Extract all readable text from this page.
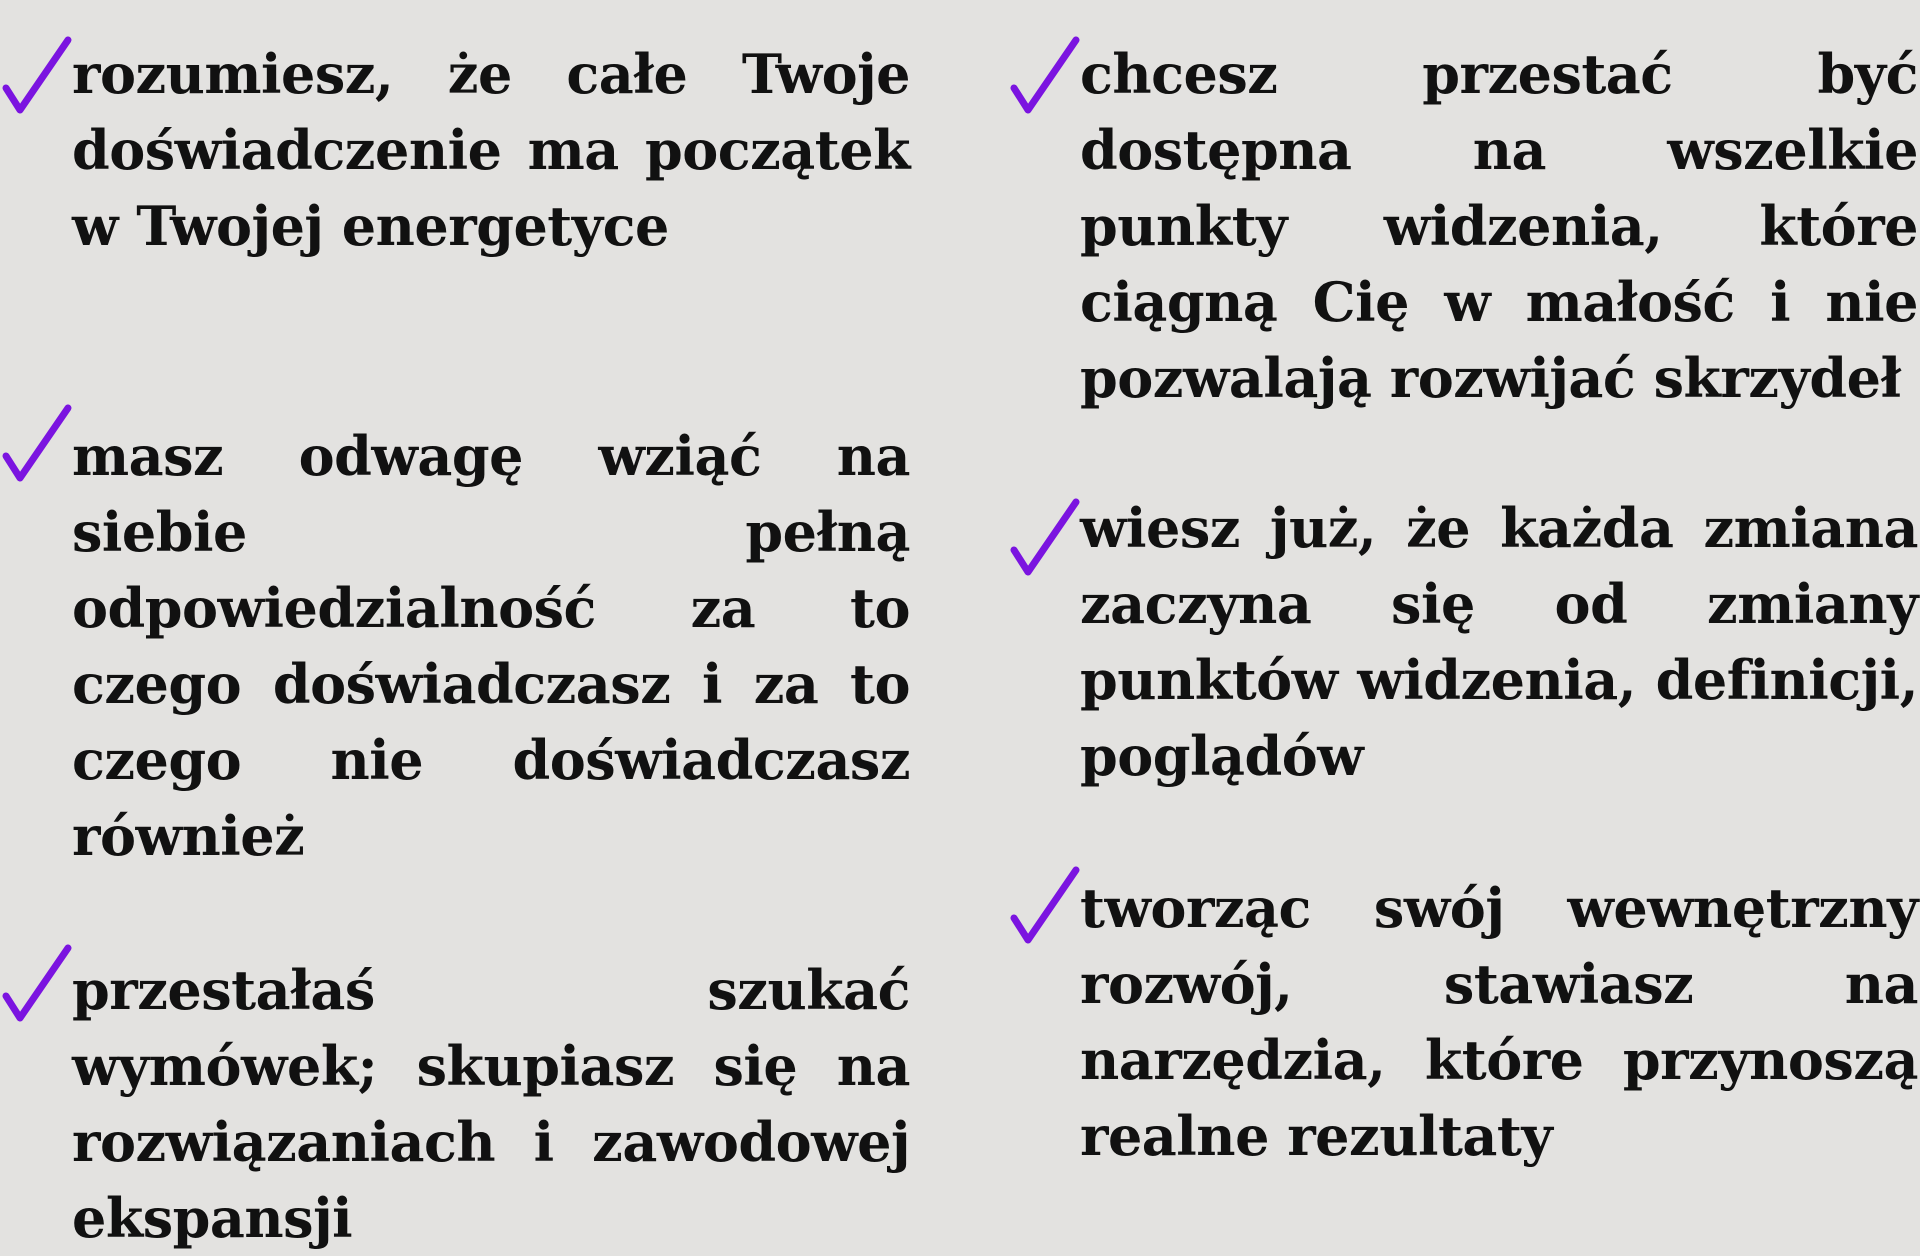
rozumiesz, że całe Twoje doświadczenie ma początek w Twojej energetyce
masz odwagę wziąć na siebie pełną odpowiedzialność za to czego doświadczasz i za to czego nie doświadczasz również
przestałaś szukać wymówek; skupiasz się na rozwiązaniach i zawodowej ekspansji
chcesz przestać być dostępna na wszelkie punkty widzenia, które ciągną Cię w małość i nie pozwalają rozwijać skrzydeł
wiesz już, że każda zmiana zaczyna się od zmiany punktów widzenia, definicji, poglądów
tworząc swój wewnętrzny rozwój, stawiasz na narzędzia, które przynoszą realne rezultaty
